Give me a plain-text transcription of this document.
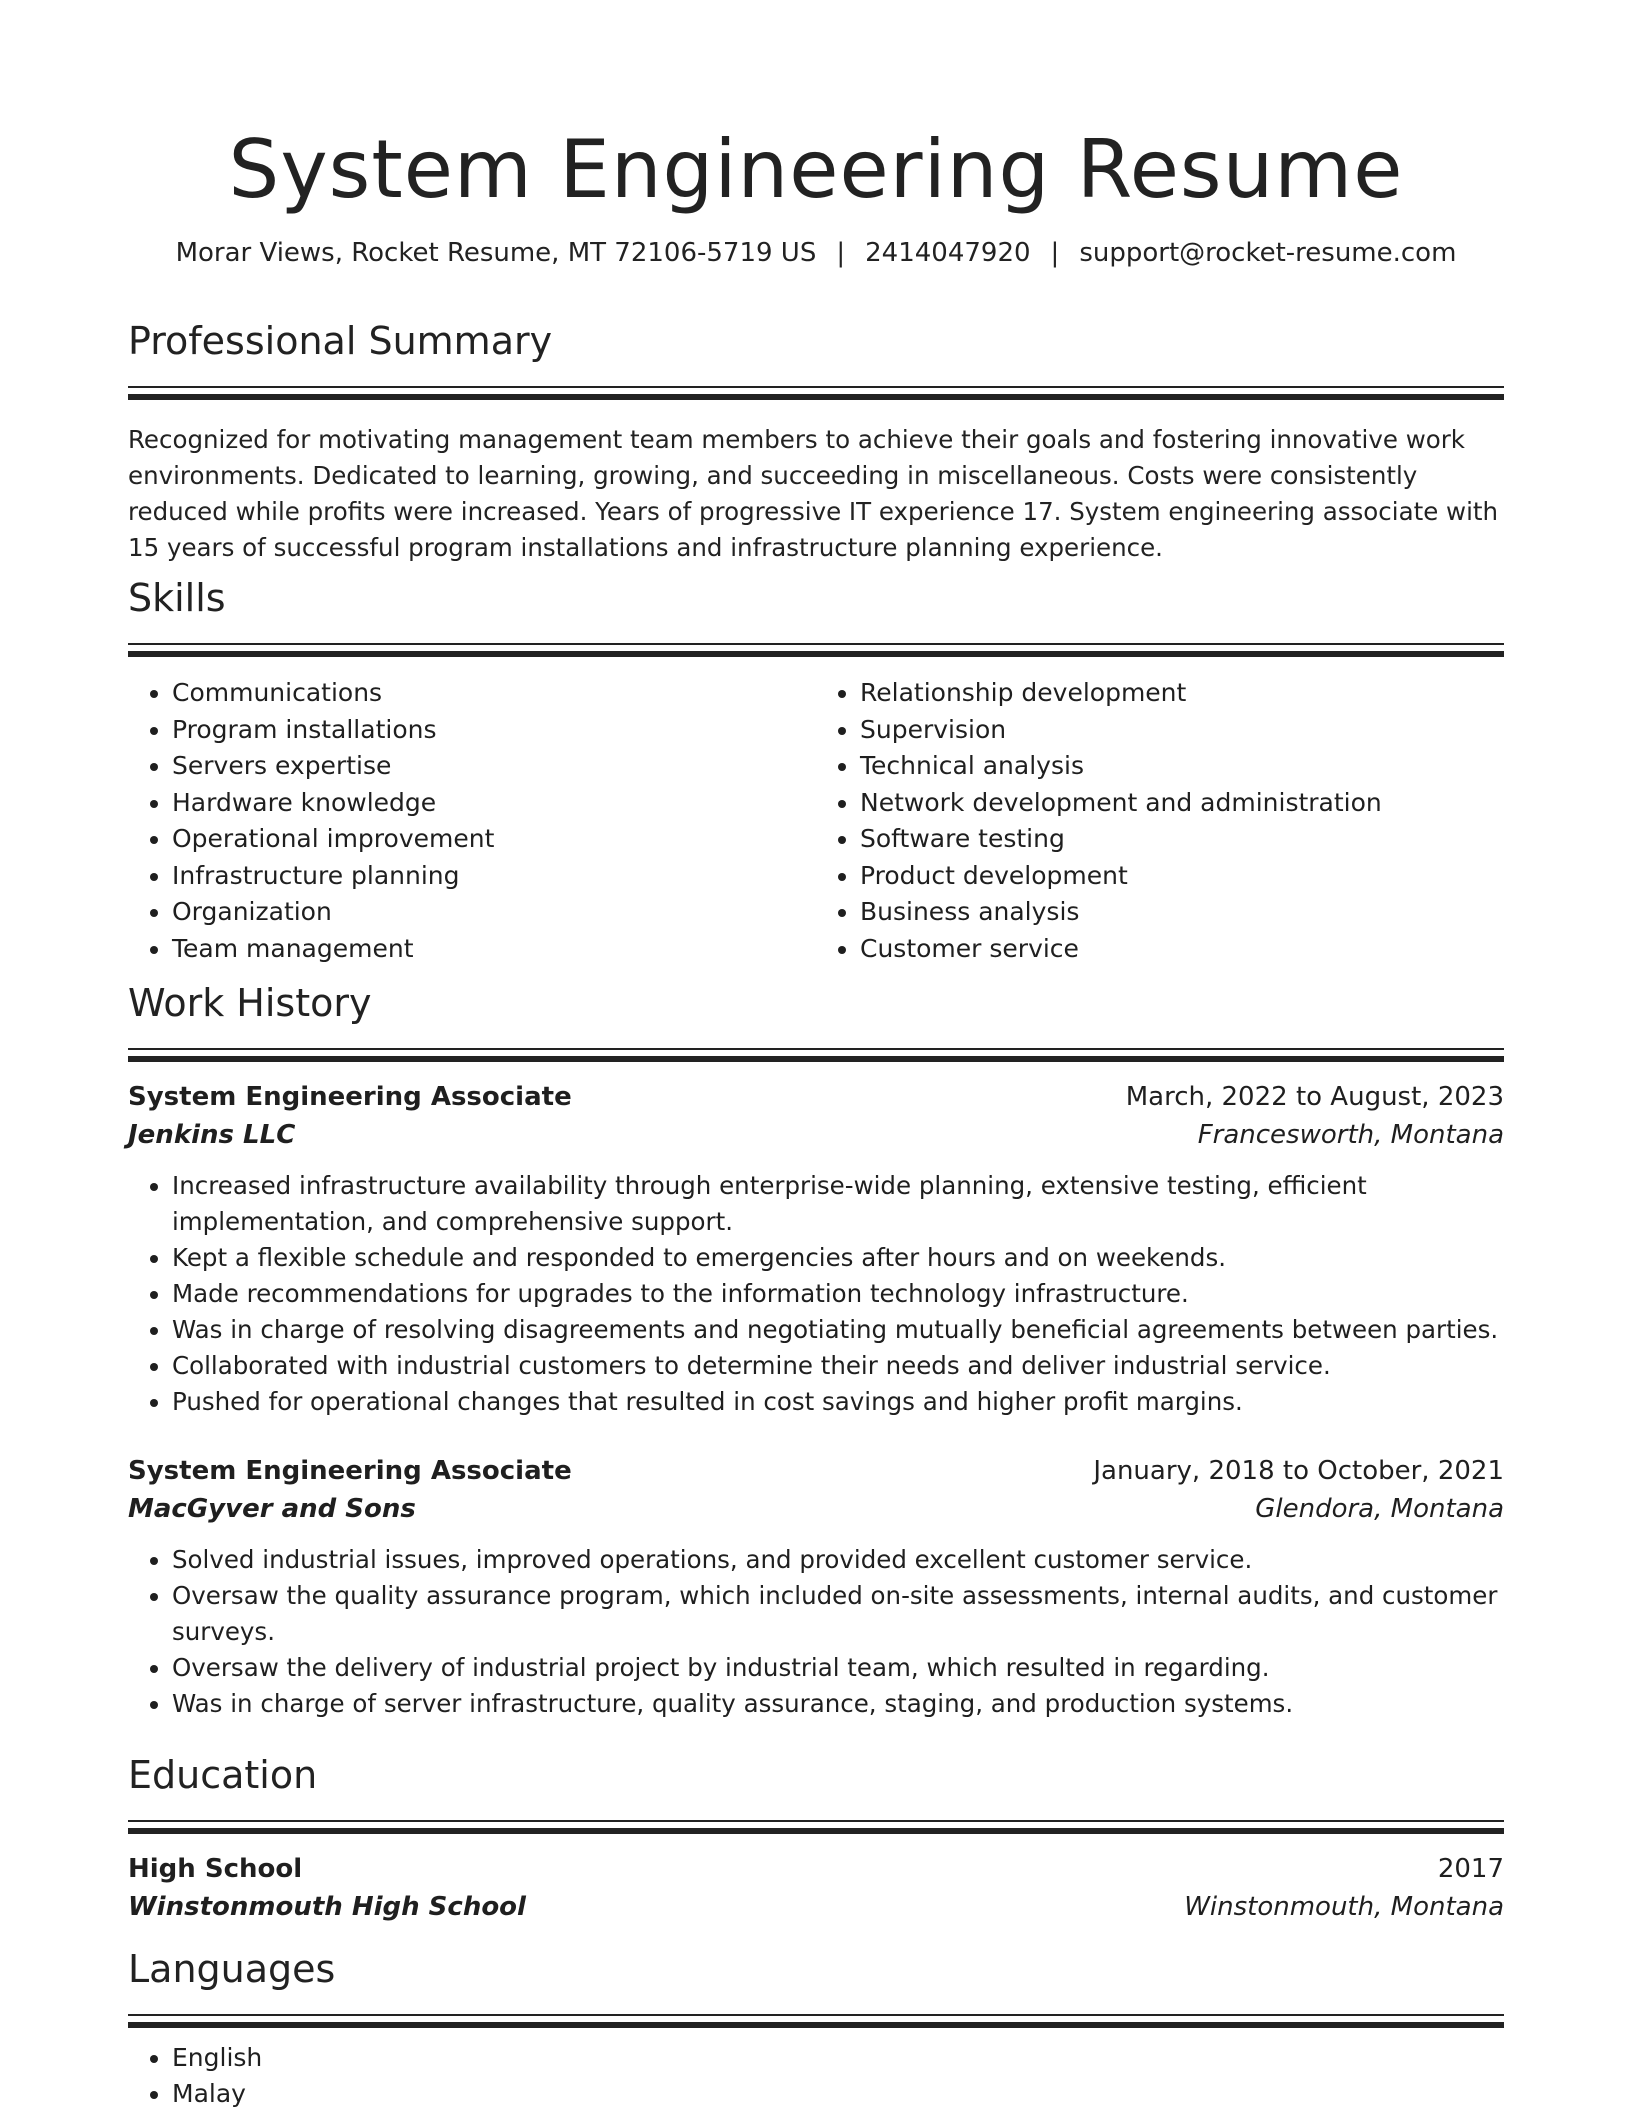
System Engineering Resume
Morar Views, Rocket Resume, MT 72106-5719 US | 2414047920 | support@rocket-resume.com
Professional Summary
Recognized for motivating management team members to achieve their goals and fostering innovative work environments. Dedicated to learning, growing, and succeeding in miscellaneous. Costs were consistently reduced while profits were increased. Years of progressive IT experience 17. System engineering associate with 15 years of successful program installations and infrastructure planning experience.
Skills
• Communications
• Program installations
• Servers expertise
• Hardware knowledge
• Operational improvement
• Infrastructure planning
• Organization
• Team management
• Relationship development
• Supervision
• Technical analysis
• Network development and administration
• Software testing
• Product development
• Business analysis
• Customer service
Work History
System Engineering Associate	March, 2022 to August, 2023
Jenkins LLC	Francesworth, Montana
• Increased infrastructure availability through enterprise-wide planning, extensive testing, efficient implementation, and comprehensive support.
• Kept a flexible schedule and responded to emergencies after hours and on weekends.
• Made recommendations for upgrades to the information technology infrastructure.
• Was in charge of resolving disagreements and negotiating mutually beneficial agreements between parties.
• Collaborated with industrial customers to determine their needs and deliver industrial service.
• Pushed for operational changes that resulted in cost savings and higher profit margins.
System Engineering Associate	January, 2018 to October, 2021
MacGyver and Sons	Glendora, Montana
• Solved industrial issues, improved operations, and provided excellent customer service.
• Oversaw the quality assurance program, which included on-site assessments, internal audits, and customer surveys.
• Oversaw the delivery of industrial project by industrial team, which resulted in regarding.
• Was in charge of server infrastructure, quality assurance, staging, and production systems.
Education
High School	2017
Winstonmouth High School	Winstonmouth, Montana
Languages
• English
• Malay
